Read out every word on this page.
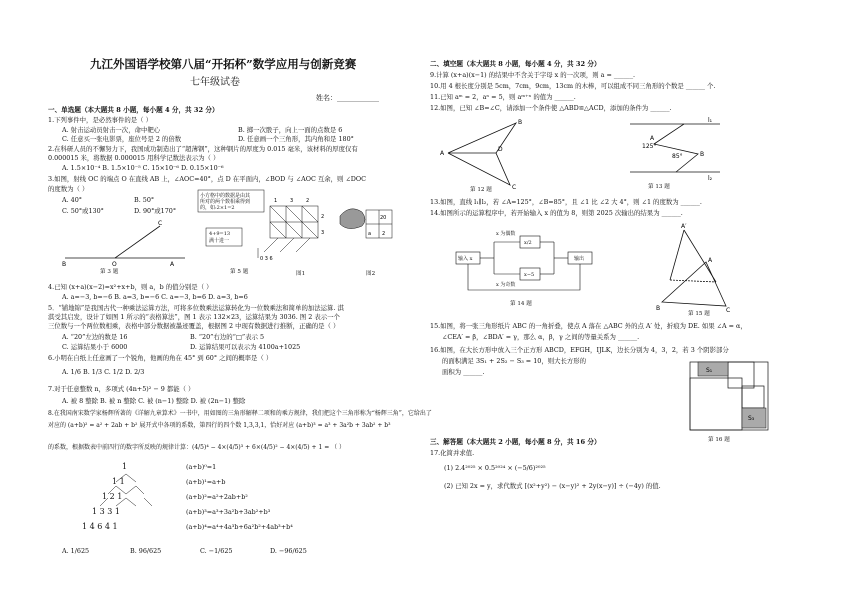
九江外国语学校第八届“开拓杯”数学应用与创新竞赛
七年级试卷
姓名：____________
一、单选题（本大题共 8 小题，每小题 4 分，共 32 分）
1.下列事件中，是必然事件的是（ ）
A. 射击运动员射击一次，命中靶心	B. 掷一次骰子，向上一面的点数是 6
C. 任意买一张电影票，座位号是 2 的倍数	D. 任意画一个三角形，其内角和是 180°
2.在科研人员的不懈努力下，我国成功制造出了“超薄钢”，这种钢片的厚度为 0.015 毫米，该材料的厚度仅有
0.000015 米，将数据 0.000015 用科学记数法表示为（ ）
A. 1.5×10⁻⁴ B. 1.5×10⁻⁵ C. 15×10⁻⁶ D. 0.15×10⁻⁶
3.如图，射线 OC 的端点 O 在直线 AB 上，∠AOC=40°，点 D 在平面内，∠BOD 与 ∠AOC 互余，则 ∠DOC
的度数为（ ）
A. 40°	B. 50°
C. 50°或130°	D. 90°或170°
B	O	A
C
第 3 题
1	3	2
2
3
0 3 6
20
a 2
小方格中的数据是由其
所对的两个数相乘得到
的，如:2×1=2
4+9=13
满十进一
图1	图2
第 5 题
4.已知 (x+a)(x−2)=x²+x+b，则 a，b 的值分别是（ ）
A. a=−3, b=−6 B. a=3, b=−6 C. a=−3, b=6 D. a=3, b=6
5．“铺地锦”是我国古代一种乘法运算方法，可将多位数乘法运算转化为一位数乘法和简单的加法运算. 淇
淇受其启发，设计了如图 1 所示的“表格算法”，图 1 表示 132×23，运算结果为 3036. 图 2 表示一个
三位数与一个两位数相乘，表格中部分数据被墨迹覆盖，根据图 2 中现有数据进行推断，正确的是（ ）
A. “20”左边的数是 16	B. “20”右边的“□”表示 5
C. 运算结果小于 6000	D. 运算结果可以表示为 4100a+1025
6.小明在自纸上任意画了一个锐角，他画的角在 45° 到 60° 之间的概率是（ ）
A. 1/6 B. 1/3 C. 1/2 D. 2/3
7.对于任意整数 n，多项式 (4n+5)² − 9 都能（ ）
A. 被 8 整除 B. 被 n 整除 C. 被 (n−1) 整除 D. 被 (2n−1) 整除
8.在我国南宋数学家杨辉所著的《详解九章算术》一书中，用如图的三角形解释二项和的乘方规律，我们把这个三角形称为“杨辉三角”，它给出了
对应的 (a+b)² = a² + 2ab + b² 展开式中各项的系数，第四行的四个数 1,3,3,1，恰好对应 (a+b)³ = a³ + 3a²b + 3ab² + b³
的系数，根据数表中前四行的数字所反映的规律计算：(4/5)⁴ − 4×(4/5)³ + 6×(4/5)² − 4×(4/5) + 1 = （ ）
1
1 1
1 2 1
1 3 3 1
1 4 6 4 1
(a+b)⁰=1
(a+b)¹=a+b
(a+b)²=a²+2ab+b²
(a+b)³=a³+3a²b+3ab²+b³
(a+b)⁴=a⁴+4a³b+6a²b²+4ab³+b⁴
A. 1/625	B. 96/625	C. −1/625	D. −96/625
二、填空题（本大题共 8 小题，每小题 4 分，共 32 分）
9.计算 (x+a)(x−1) 的结果中不含关于字母 x 的一次项，则 a = ______.
10.用 4 根长度分别是 5cm，7cm，9cm，13cm 的木棒，可以组成不同三角形的个数是 ______ 个.
11.已知 aᵐ = 2，aⁿ = 5，则 aᵐ⁺ⁿ 的值为 ______.
12.如图，已知 ∠B=∠C，请添加一个条件使 △ABD≌△ACD，添加的条件为 ______.
A
B
D
C
第 12 题
l₁
l₂
125°
85°
A
B
第 13 题
13.如图，直线 l₁∥l₂，若 ∠A=125°，∠B=85°，且 ∠1 比 ∠2 大 4°，则 ∠1 的度数为 ______.
14.如图所示的运算程序中，若开始输入 x 的值为 8，则第 2025 次输出的结果为 ______.
输入 x	输出
x 为偶数
x 为奇数
x/2
x−5
第 14 题
A′
B	C
A
第 15 题
15.如图，将一张三角形纸片 ABC 的一角折叠，使点 A 落在 △ABC 外的点 A′ 处，折痕为 DE. 如果 ∠A = α，
∠CEA′ = β，∠BDA′ = γ，那么 α，β，γ 之间的等量关系为 ______.
16.如图，在大长方形中放入三个正方形 ABCD，EFGH，IJLK，边长分别为 4，3，2，若 3 个阴影部分
的面积满足 3S₁ + 2S₂ − S₃ = 10，则大长方形的
面积为 ______.	S₁
S₃
第 16 题
三、解答题（本大题共 2 小题，每小题 8 分，共 16 分）
17.化简并求值.
(1) 2.4²⁰²⁵ × 0.5²⁰²⁴ × (−5/6)²⁰²⁵
(2) 已知 2x = y，求代数式 [(x²+y²) − (x−y)² + 2y(x−y)] ÷ (−4y) 的值.
